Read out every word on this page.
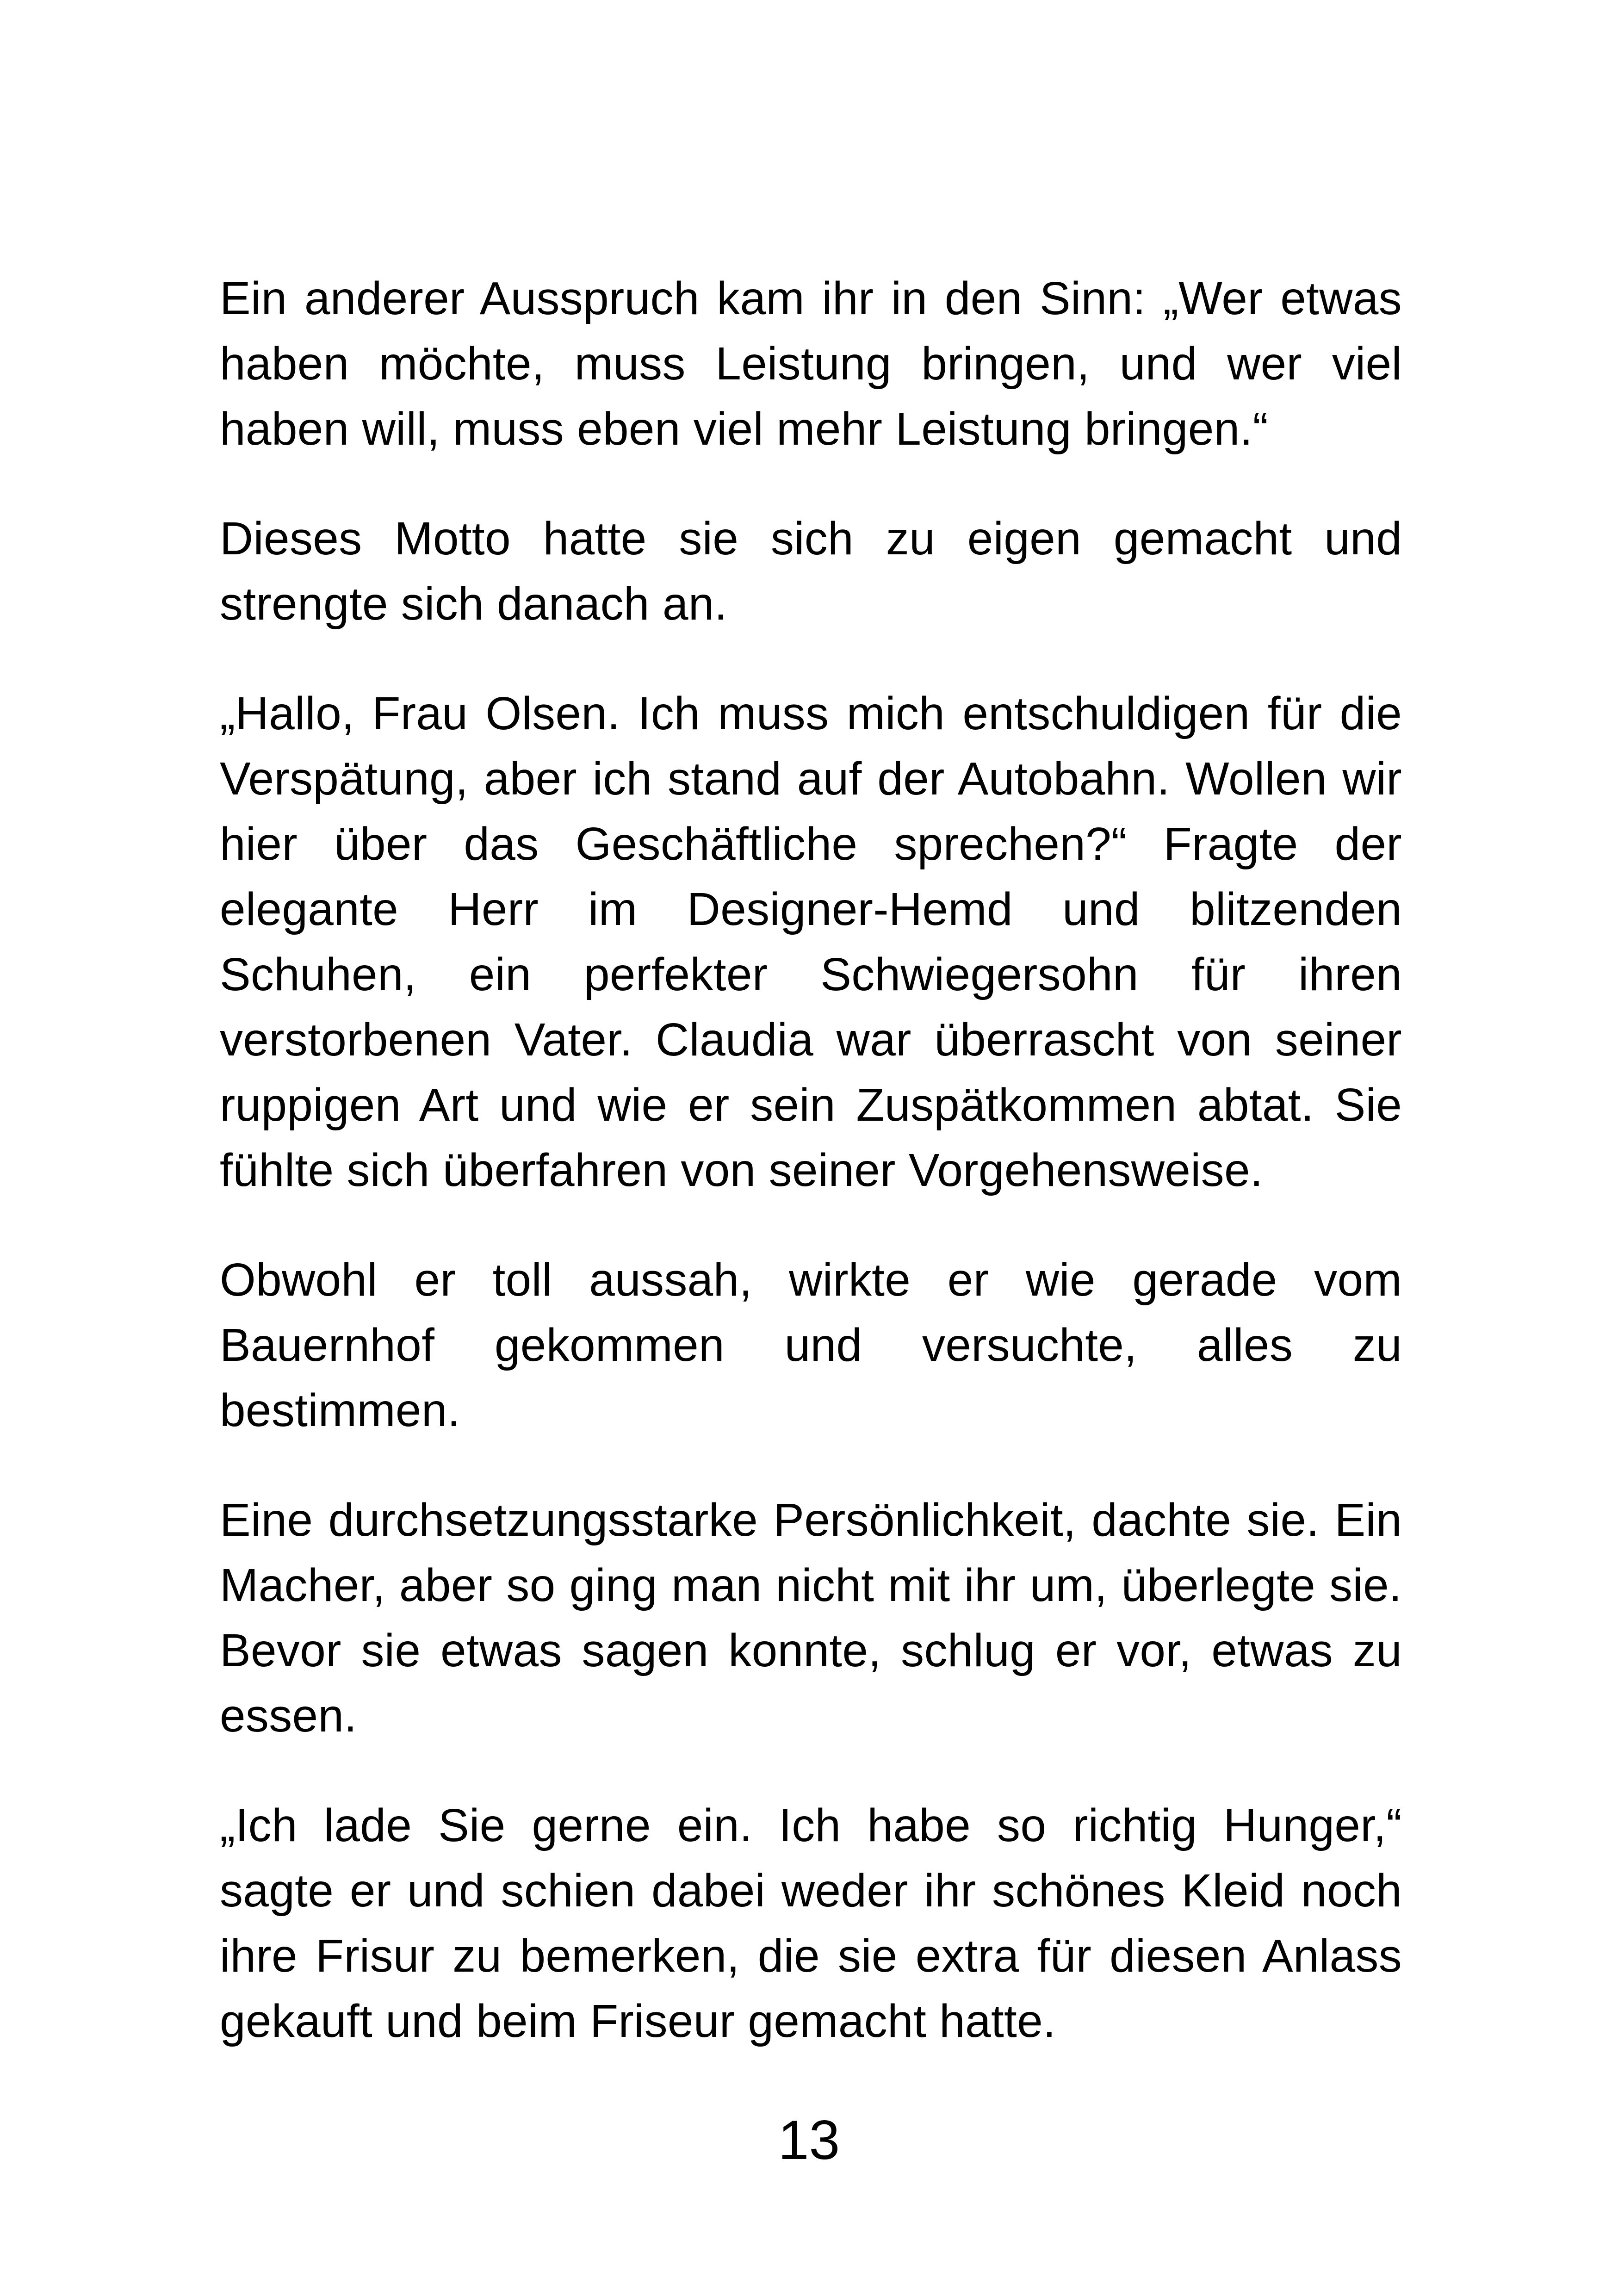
Ein anderer Ausspruch kam ihr in den Sinn: „Wer etwas haben möchte, muss Leistung bringen, und wer viel haben will, muss eben viel mehr Leistung bringen.“

Dieses Motto hatte sie sich zu eigen gemacht und strengte sich danach an.

„Hallo, Frau Olsen. Ich muss mich entschuldigen für die Verspätung, aber ich stand auf der Autobahn. Wollen wir hier über das Geschäftliche sprechen?“ Fragte der elegante Herr im Designer-Hemd und blitzenden Schuhen, ein perfekter Schwiegersohn für ihren verstorbenen Vater. Claudia war überrascht von seiner ruppigen Art und wie er sein Zuspätkommen abtat. Sie fühlte sich überfahren von seiner Vorgehensweise.

Obwohl er toll aussah, wirkte er wie gerade vom Bauernhof gekommen und versuchte, alles zu bestimmen.

Eine durchsetzungsstarke Persönlichkeit, dachte sie. Ein Macher, aber so ging man nicht mit ihr um, überlegte sie. Bevor sie etwas sagen konnte, schlug er vor, etwas zu essen.

„Ich lade Sie gerne ein. Ich habe so richtig Hunger,“ sagte er und schien dabei weder ihr schönes Kleid noch ihre Frisur zu bemerken, die sie extra für diesen Anlass gekauft und beim Friseur gemacht hatte.

13
